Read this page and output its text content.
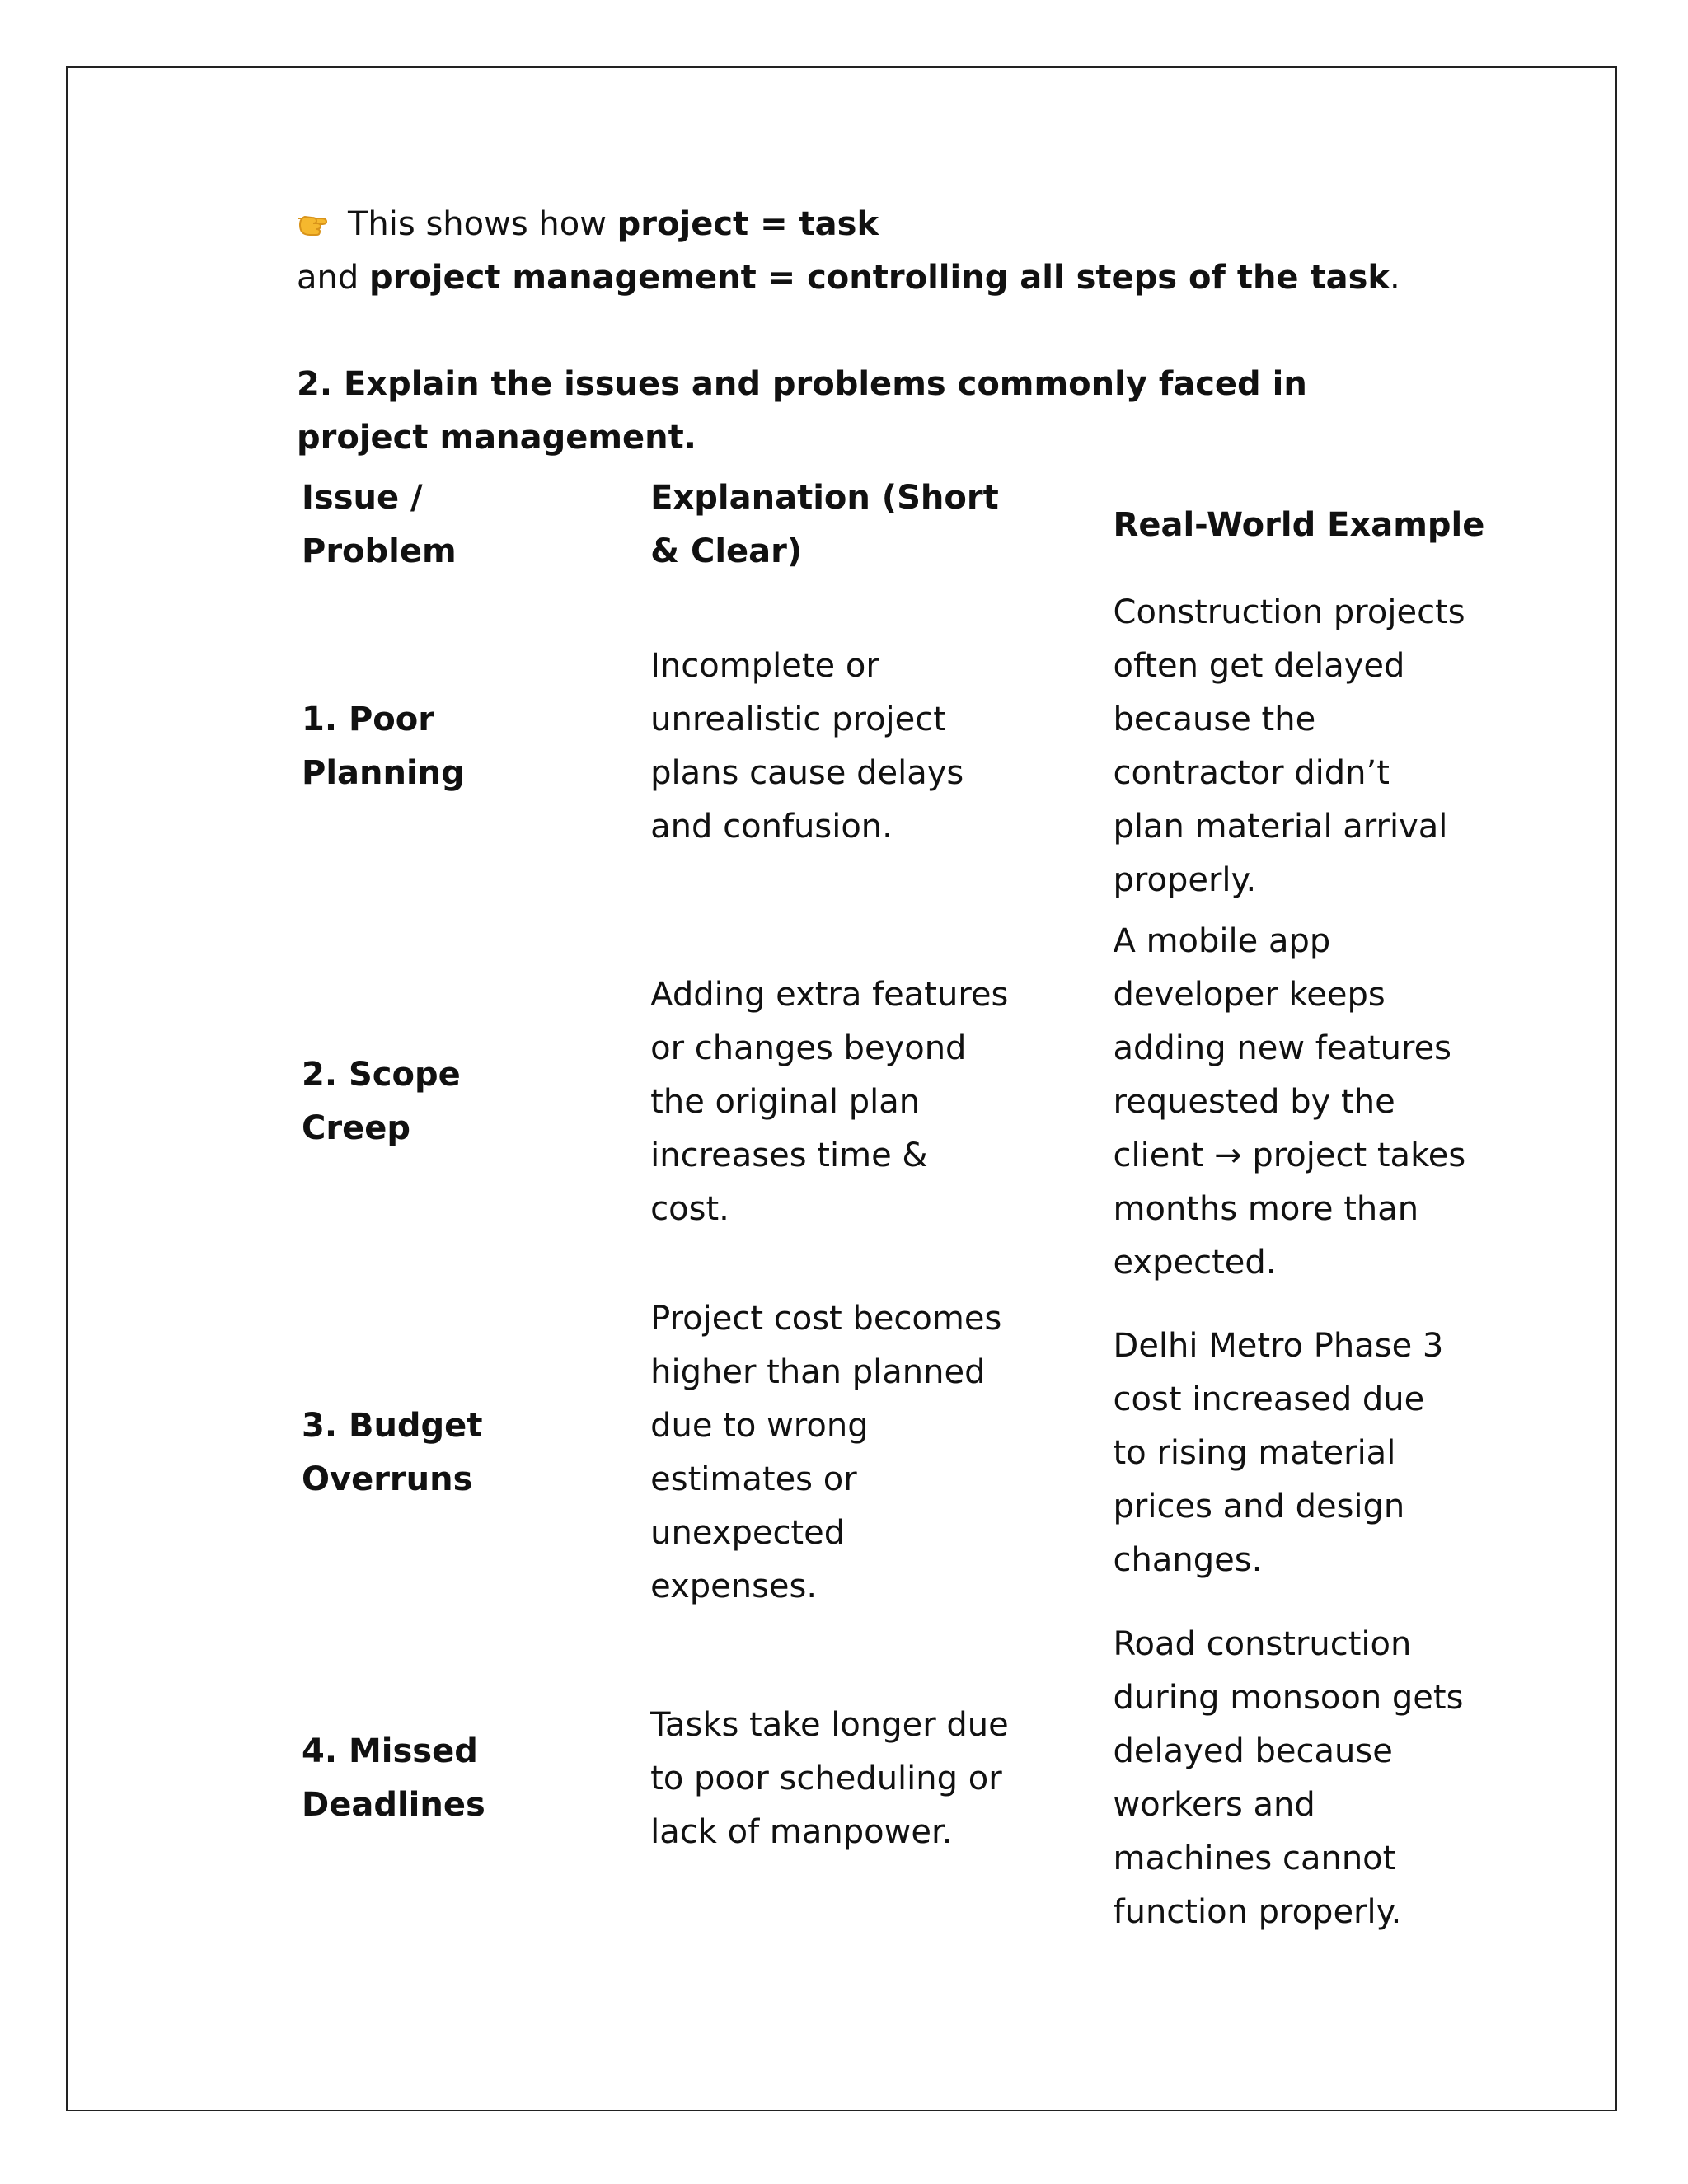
This shows how project = task
and project management = controlling all steps of the task.
2. Explain the issues and problems commonly faced in project management.
Issue / Problem	Explanation (Short & Clear)	Real-World Example

1. Poor Planning	Incomplete or unrealistic project plans cause delays and confusion.	Construction projects often get delayed because the contractor didn’t plan material arrival properly.

2. Scope Creep	Adding extra features or changes beyond the original plan increases time & cost.	A mobile app developer keeps adding new features requested by the client → project takes months more than expected.

3. Budget Overruns	Project cost becomes higher than planned due to wrong estimates or unexpected expenses.	Delhi Metro Phase 3 cost increased due to rising material prices and design changes.

4. Missed Deadlines	Tasks take longer due to poor scheduling or lack of manpower.	Road construction during monsoon gets delayed because workers and machines cannot function properly.
